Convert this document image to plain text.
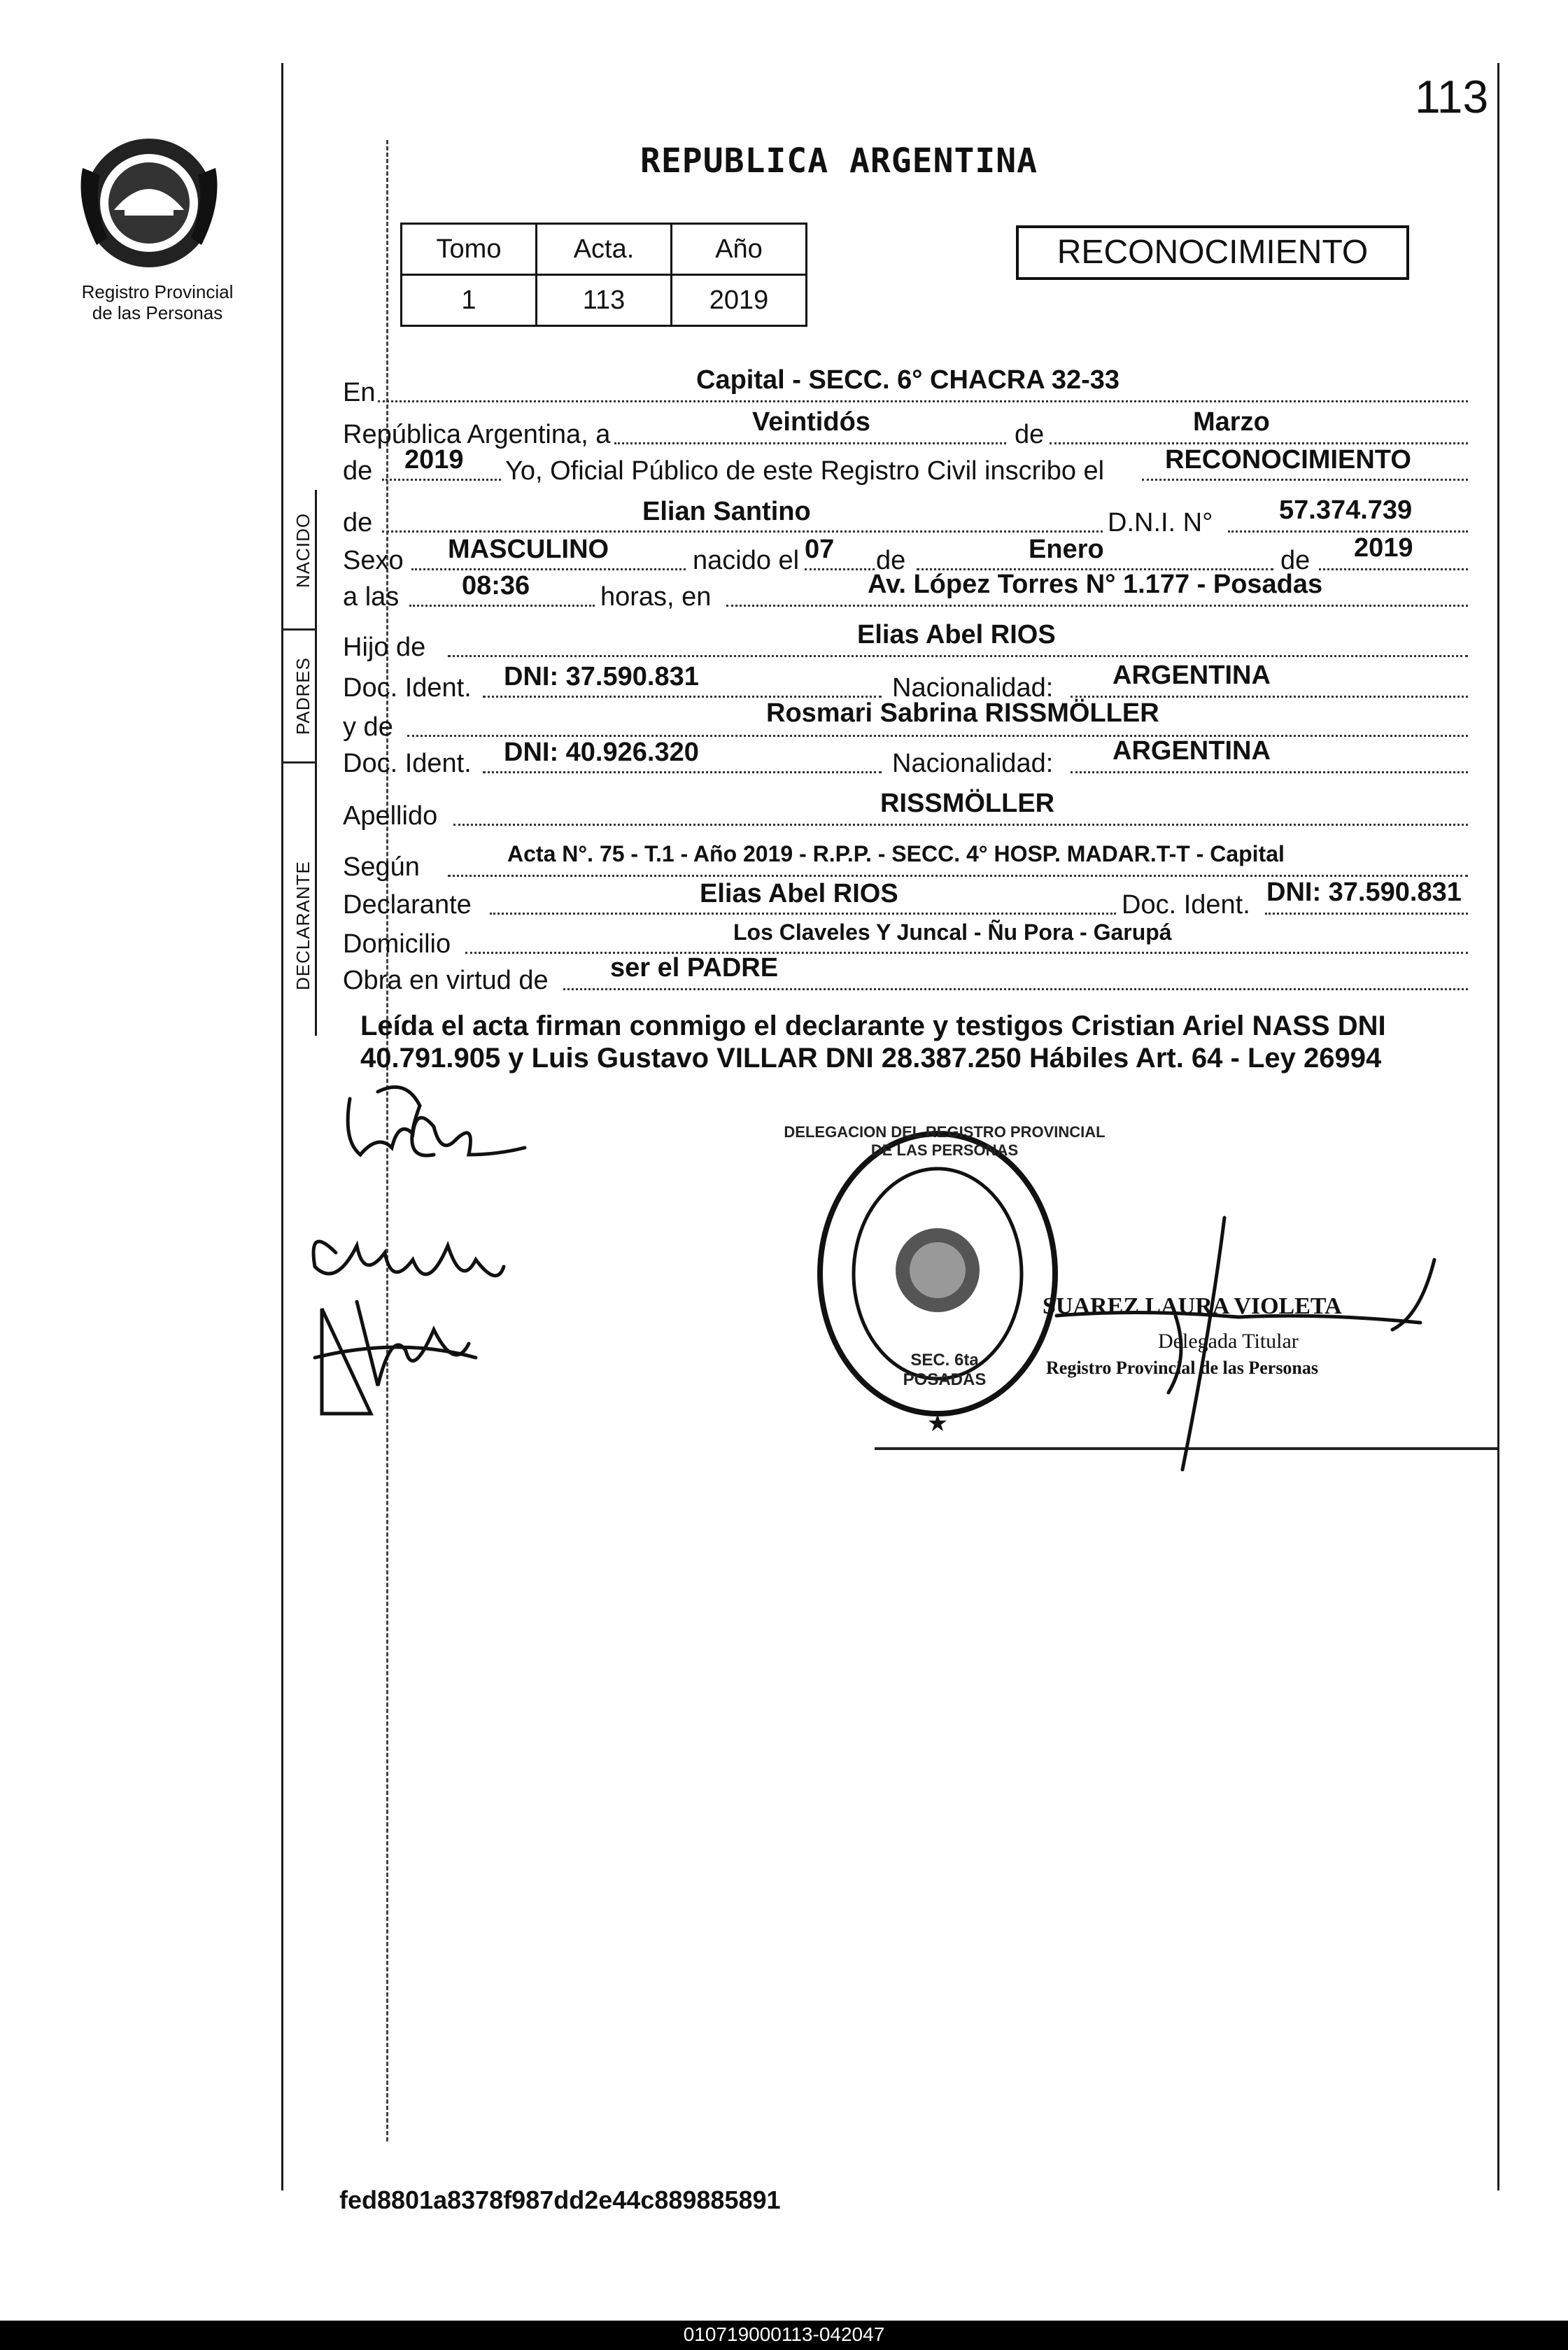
Registro Provincial
de las Personas
113
REPUBLICA ARGENTINA
Tomo	Acta.	Año
1	113	2019
RECONOCIMIENTO
NACIDO
PADRES
DECLARANTE
En	Capital - SECC. 6° CHACRA 32-33
República Argentina, a	Veintidós	de	Marzo
de 2019 Yo, Oficial Público de este Registro Civil inscribo el RECONOCIMIENTO
de	Elian Santino	D.N.I. N° 57.374.739
Sexo MASCULINO	nacido el 07 de	Enero	de 2019
a las 08:36	horas, en	Av. López Torres N° 1.177 - Posadas
Hijo de	Elias Abel RIOS
Doc. Ident. DNI: 37.590.831	Nacionalidad: ARGENTINA
y de	Rosmari Sabrina RISSMÖLLER
Doc. Ident. DNI: 40.926.320	Nacionalidad: ARGENTINA
Apellido	RISSMÖLLER
Según	Acta N°. 75 - T.1 - Año 2019 - R.P.P. - SECC. 4° HOSP. MADAR.T-T - Capital
Declarante	Elias Abel RIOS	Doc. Ident. DNI: 37.590.831
Domicilio	Los Claveles Y Juncal - Ñu Pora - Garupá
Obra en virtud de ser el PADRE
Leída el acta firman conmigo el declarante y testigos Cristian Ariel NASS DNI
40.791.905 y Luis Gustavo VILLAR DNI 28.387.250 Hábiles Art. 64 - Ley 26994
★
DELEGACION DEL REGISTRO PROVINCIAL DE LAS PERSONAS
SEC. 6ta POSADAS
SUAREZ LAURA VIOLETA
Delegada Titular
Registro Provincial de las Personas
fed8801a8378f987dd2e44c889885891
010719000113-042047
